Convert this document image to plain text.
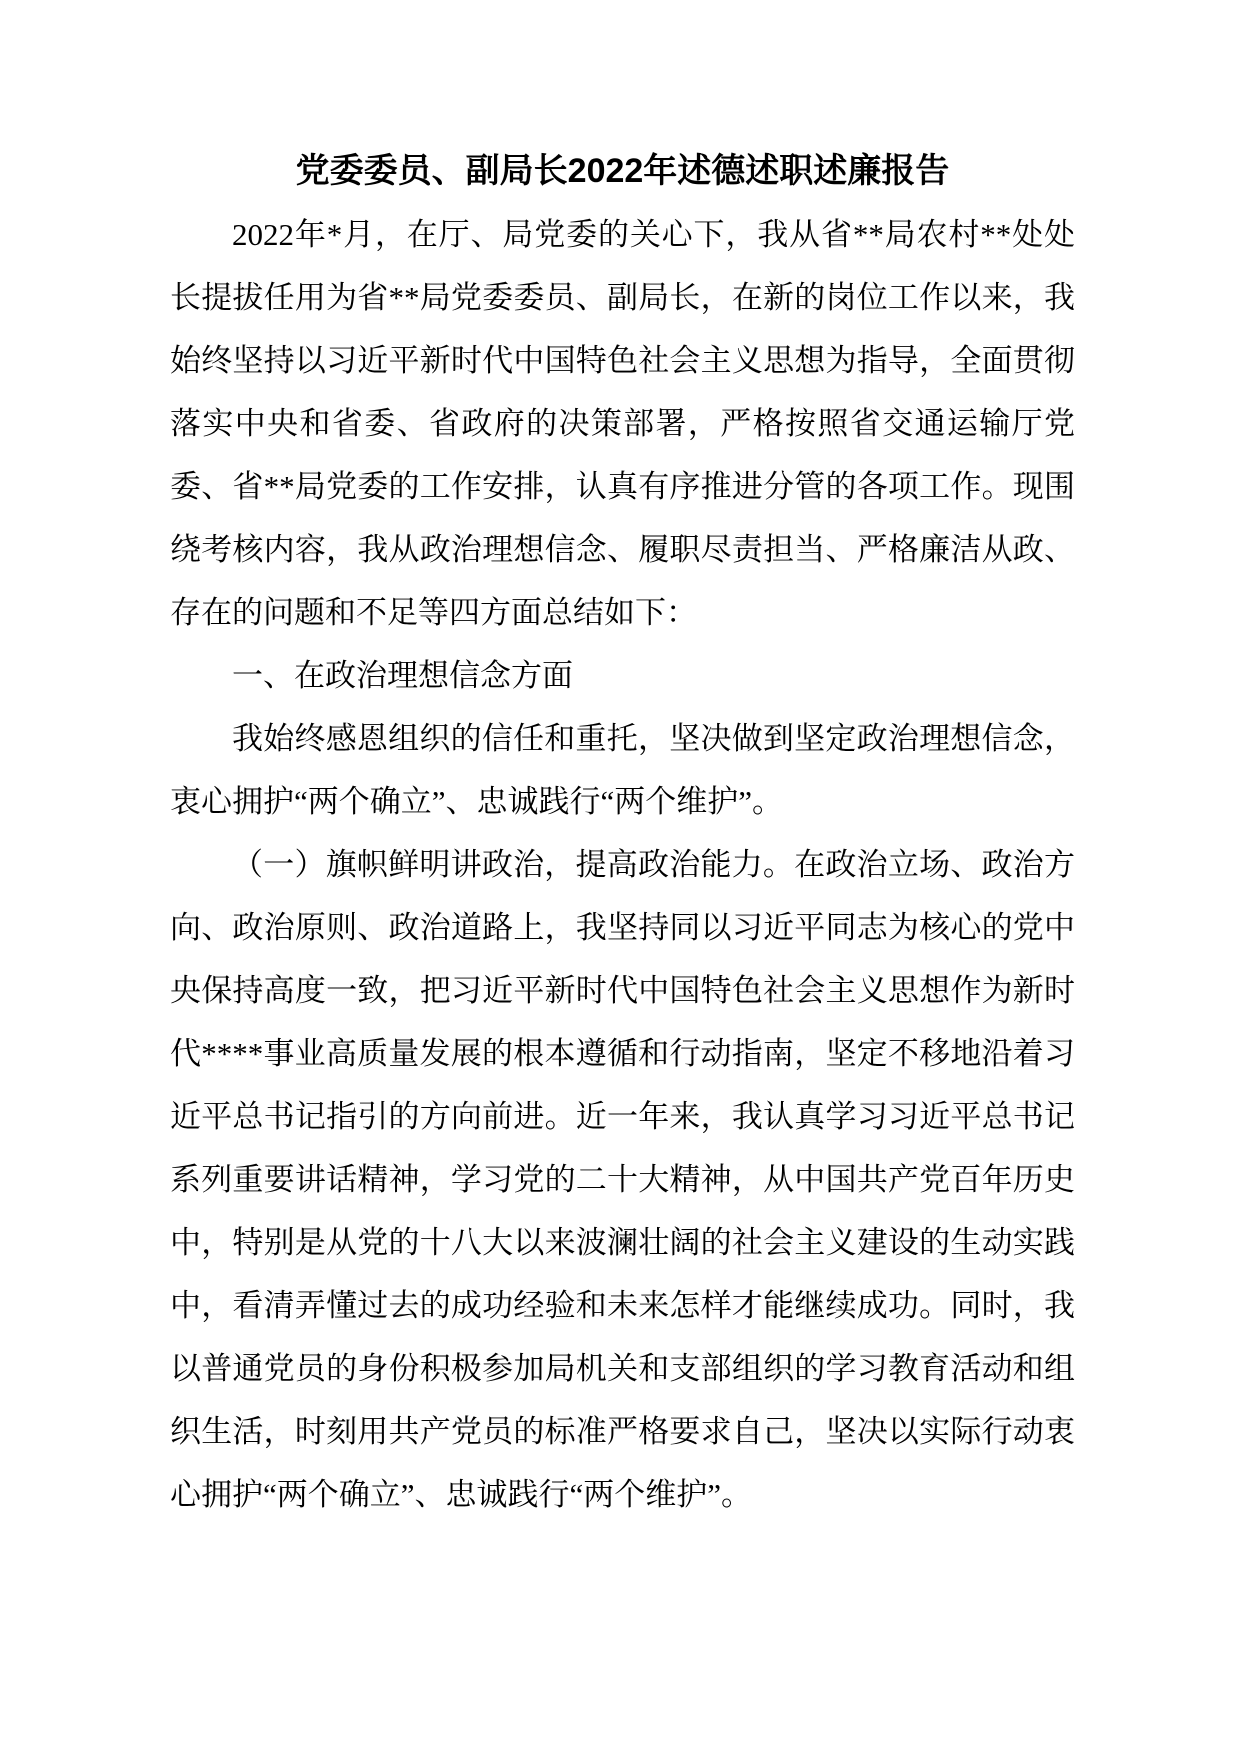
党委委员、副局长2022年述德述职述廉报告

2022年*月，在厅、局党委的关心下，我从省**局农村**处处长提拔任用为省**局党委委员、副局长，在新的岗位工作以来，我始终坚持以习近平新时代中国特色社会主义思想为指导，全面贯彻落实中央和省委、省政府的决策部署，严格按照省交通运输厅党委、省**局党委的工作安排，认真有序推进分管的各项工作。现围绕考核内容，我从政治理想信念、履职尽责担当、严格廉洁从政、存在的问题和不足等四方面总结如下：

一、在政治理想信念方面

我始终感恩组织的信任和重托，坚决做到坚定政治理想信念，衷心拥护“两个确立”、忠诚践行“两个维护”。

（一）旗帜鲜明讲政治，提高政治能力。在政治立场、政治方向、政治原则、政治道路上，我坚持同以习近平同志为核心的党中央保持高度一致，把习近平新时代中国特色社会主义思想作为新时代****事业高质量发展的根本遵循和行动指南，坚定不移地沿着习近平总书记指引的方向前进。近一年来，我认真学习习近平总书记系列重要讲话精神，学习党的二十大精神，从中国共产党百年历史中，特别是从党的十八大以来波澜壮阔的社会主义建设的生动实践中，看清弄懂过去的成功经验和未来怎样才能继续成功。同时，我以普通党员的身份积极参加局机关和支部组织的学习教育活动和组织生活，时刻用共产党员的标准严格要求自己，坚决以实际行动衷心拥护“两个确立”、忠诚践行“两个维护”。
